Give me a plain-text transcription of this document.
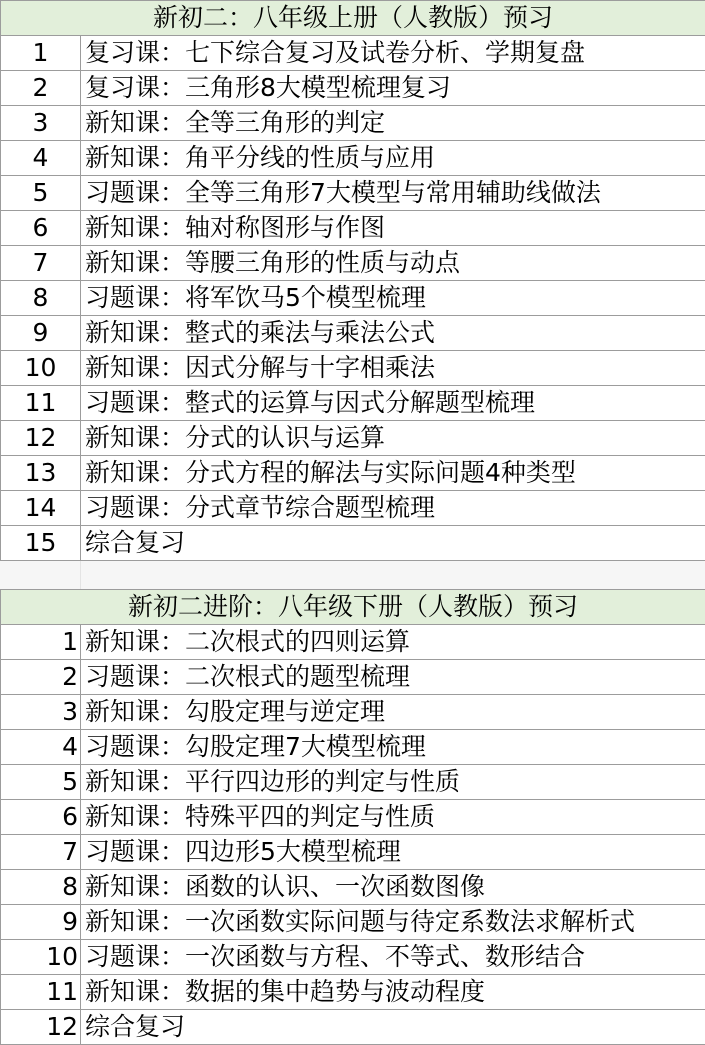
新初二：八年级上册（人教版）预习	
1	复习课：七下综合复习及试卷分析、学期复盘
2	复习课：三角形8大模型梳理复习
3	新知课：全等三角形的判定
4	新知课：角平分线的性质与应用
5	习题课：全等三角形7大模型与常用辅助线做法
6	新知课：轴对称图形与作图
7	新知课：等腰三角形的性质与动点
8	习题课：将军饮马5个模型梳理
9	新知课：整式的乘法与乘法公式
10	新知课：因式分解与十字相乘法
11	习题课：整式的运算与因式分解题型梳理
12	新知课：分式的认识与运算
13	新知课：分式方程的解法与实际问题4种类型
14	习题课：分式章节综合题型梳理
15	综合复习
新初二进阶：八年级下册（人教版）预习	
1	新知课：二次根式的四则运算
2	习题课：二次根式的题型梳理
3	新知课：勾股定理与逆定理
4	习题课：勾股定理7大模型梳理
5	新知课：平行四边形的判定与性质
6	新知课：特殊平四的判定与性质
7	习题课：四边形5大模型梳理
8	新知课：函数的认识、一次函数图像
9	新知课：一次函数实际问题与待定系数法求解析式
10	习题课：一次函数与方程、不等式、数形结合
11	新知课：数据的集中趋势与波动程度
12	综合复习
